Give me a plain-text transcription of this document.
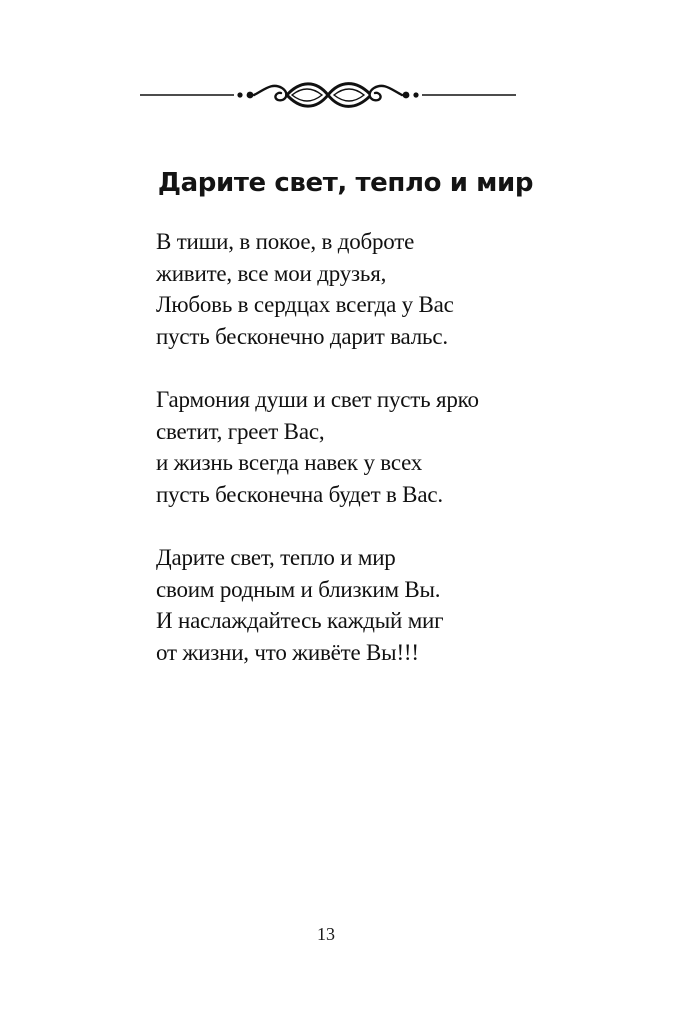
Дарите свет, тепло и мир
В тиши, в покое, в доброте
живите, все мои друзья,
Любовь в сердцах всегда у Вас
пусть бесконечно дарит вальс.
Гармония души и свет пусть ярко
светит, греет Вас,
и жизнь всегда навек у всех
пусть бесконечна будет в Вас.
Дарите свет, тепло и мир
своим родным и близким Вы.
И наслаждайтесь каждый миг
от жизни, что живёте Вы!!!
13
